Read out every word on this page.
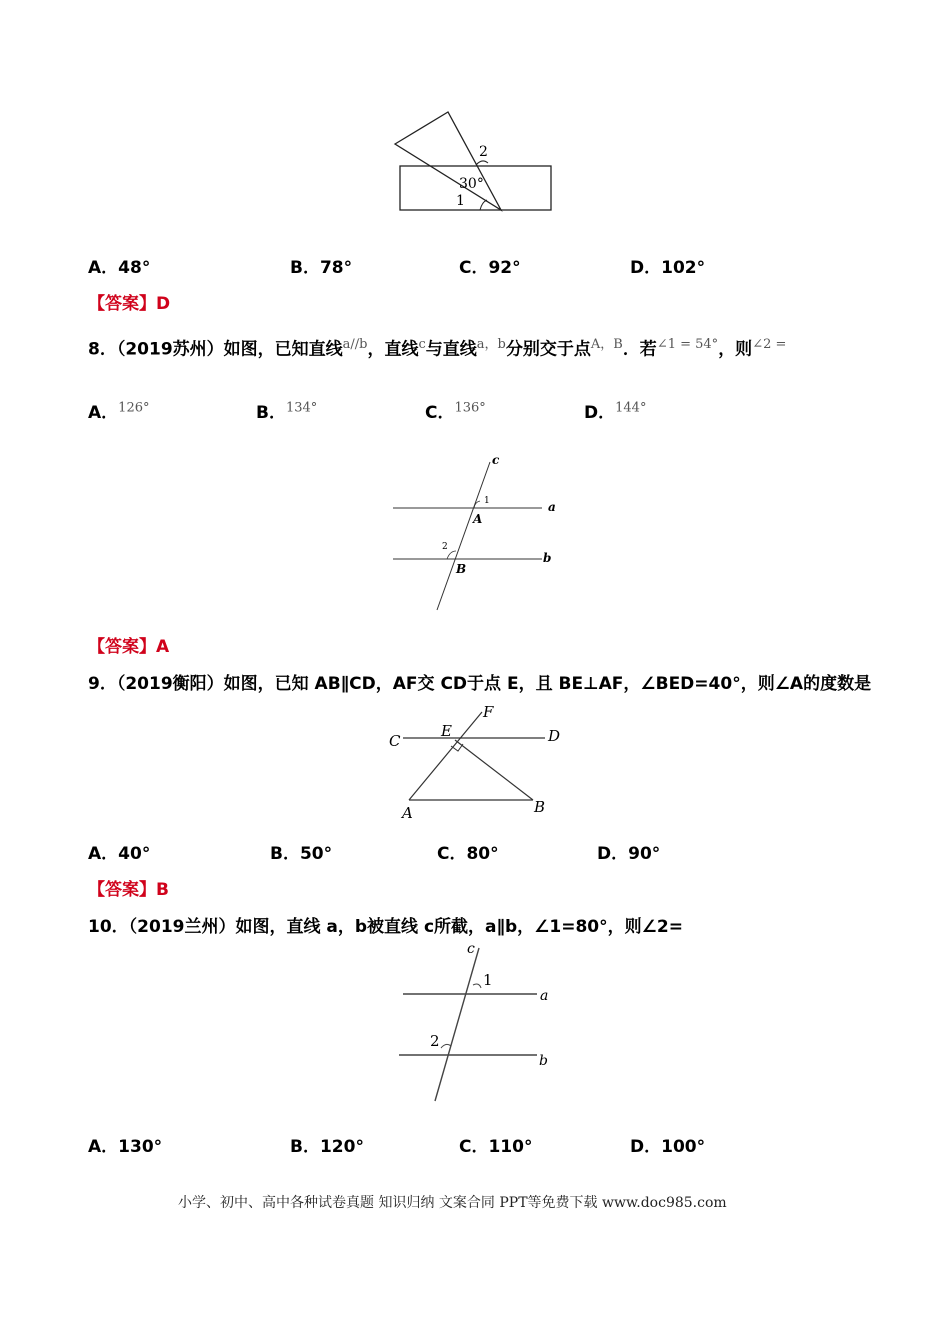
2
30°
1
A．48°	B．78°	C．92°	D．102°
【答案】D
8．（2019苏州）如图，已知直线$^{a//b}$，直线$^c$与直线$^{a,b}$分别交于点$^{A,B}$．若$^{\angle 1 = 54^\circ}$，则$^{\angle 2 =}$
A．$^{126^\circ}$	B．$^{134^\circ}$	C．$^{136^\circ}$	D．$^{144^\circ}$
c
1	a
A
2
b
B
【答案】A
9．（2019衡阳）如图，已知 AB∥CD，AF交 CD于点 E，且 BE⊥AF，∠BED=40°，则∠A的度数是
C
E
F
D
A	B
A．40°	B．50°	C．80°	D．90°
【答案】B
10．（2019兰州）如图，直线 a，b被直线 c所截，a∥b，∠1=80°，则∠2=
c
1
a
2
b
A．130°	B．120°	C．110°	D．100°
小学、初中、高中各种试卷真题 知识归纳 文案合同 PPT等免费下载 www.doc985.com
